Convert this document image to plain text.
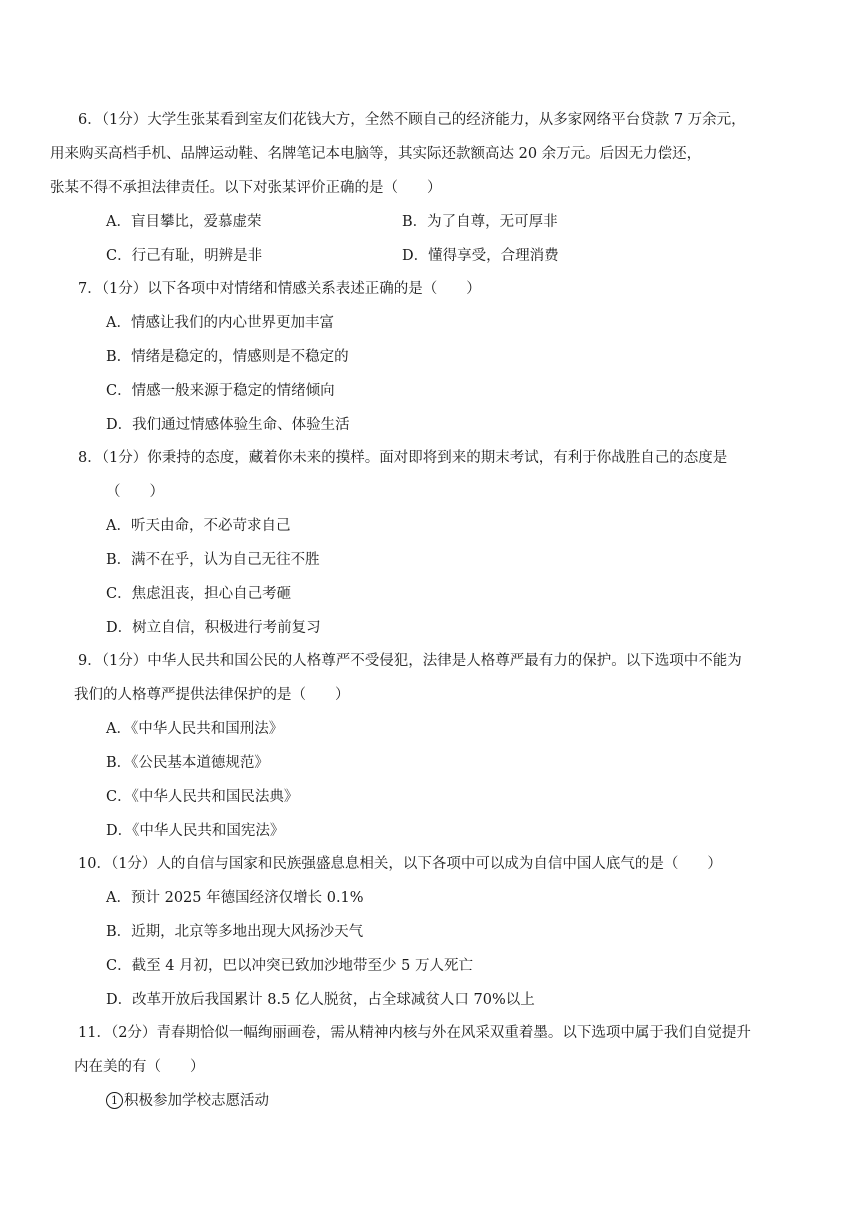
6．（1分）大学生张某看到室友们花钱大方，全然不顾自己的经济能力，从多家网络平台贷款 7 万余元，

用来购买高档手机、品牌运动鞋、名牌笔记本电脑等，其实际还款额高达 20 余万元。后因无力偿还，

张某不得不承担法律责任。以下对张某评价正确的是（　　）

A．盲目攀比，爱慕虚荣	B．为了自尊，无可厚非
C．行己有耻，明辨是非	D．懂得享受，合理消费

7．（1分）以下各项中对情绪和情感关系表述正确的是（　　）

A．情感让我们的内心世界更加丰富

B．情绪是稳定的，情感则是不稳定的

C．情感一般来源于稳定的情绪倾向

D．我们通过情感体验生命、体验生活

8．（1分）你秉持的态度，藏着你未来的摸样。面对即将到来的期末考试，有利于你战胜自己的态度是

（　　）

A．听天由命，不必苛求自己

B．满不在乎，认为自己无往不胜

C．焦虑沮丧，担心自己考砸

D．树立自信，积极进行考前复习

9．（1分）中华人民共和国公民的人格尊严不受侵犯，法律是人格尊严最有力的保护。以下选项中不能为

我们的人格尊严提供法律保护的是（　　）

A．《中华人民共和国刑法》

B．《公民基本道德规范》

C．《中华人民共和国民法典》

D．《中华人民共和国宪法》

10．（1分）人的自信与国家和民族强盛息息相关，以下各项中可以成为自信中国人底气的是（　　）

A．预计 2025 年德国经济仅增长 0.1%

B．近期，北京等多地出现大风扬沙天气

C．截至 4 月初，巴以冲突已致加沙地带至少 5 万人死亡

D．改革开放后我国累计 8.5 亿人脱贫，占全球减贫人口 70%以上

11．（2分）青春期恰似一幅绚丽画卷，需从精神内核与外在风采双重着墨。以下选项中属于我们自觉提升

内在美的有（　　）

1 积极参加学校志愿活动
